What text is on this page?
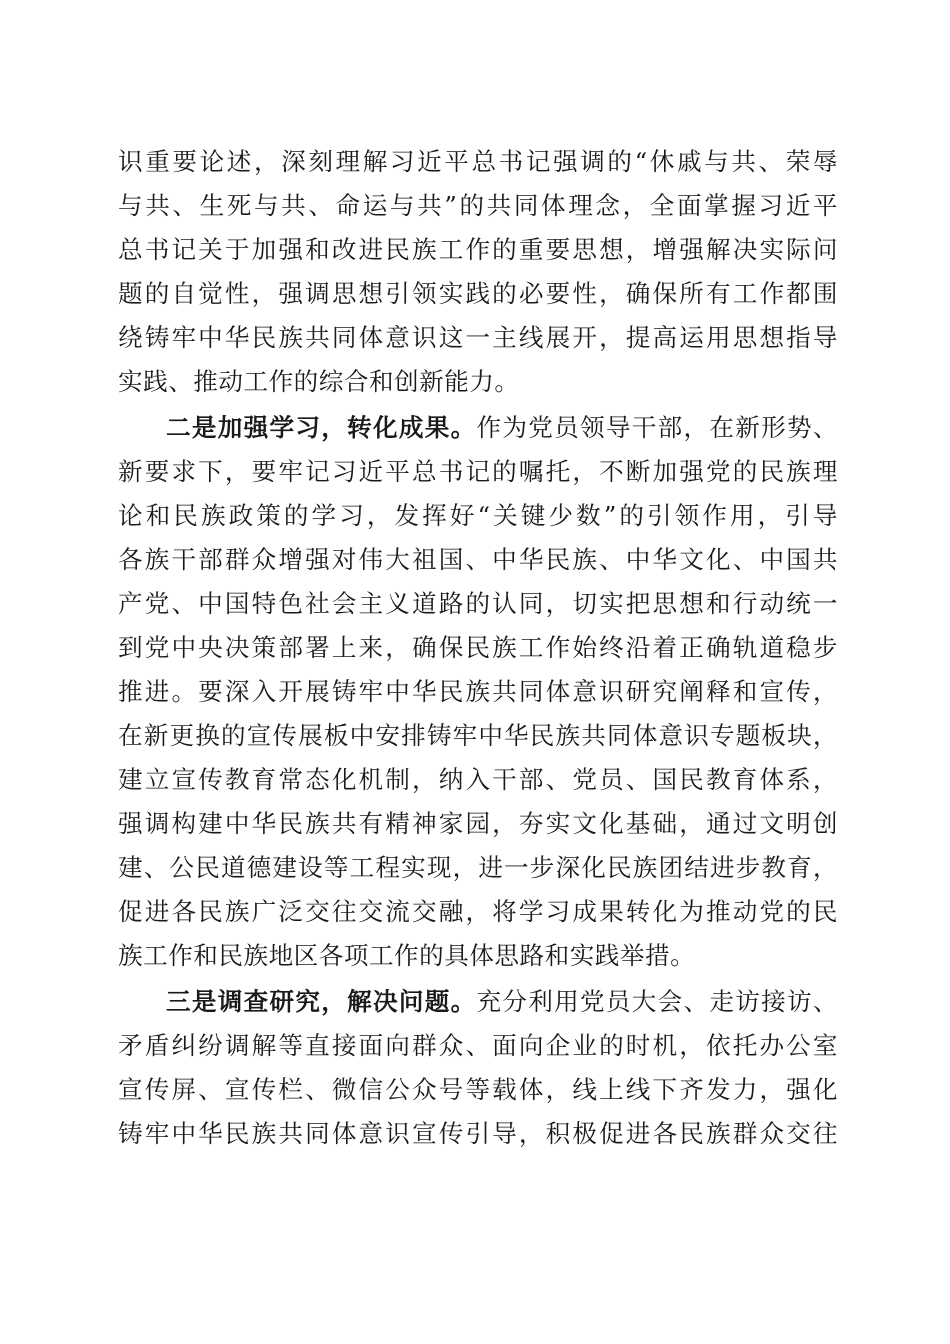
识重要论述，深刻理解习近平总书记强调的“休戚与共、荣辱
与共、生死与共、命运与共”的共同体理念，全面掌握习近平
总书记关于加强和改进民族工作的重要思想，增强解决实际问
题的自觉性，强调思想引领实践的必要性，确保所有工作都围
绕铸牢中华民族共同体意识这一主线展开，提高运用思想指导
实践、推动工作的综合和创新能力。
二是加强学习，转化成果。作为党员领导干部，在新形势、
新要求下，要牢记习近平总书记的嘱托，不断加强党的民族理
论和民族政策的学习，发挥好“关键少数”的引领作用，引导
各族干部群众增强对伟大祖国、中华民族、中华文化、中国共
产党、中国特色社会主义道路的认同，切实把思想和行动统一
到党中央决策部署上来，确保民族工作始终沿着正确轨道稳步
推进。要深入开展铸牢中华民族共同体意识研究阐释和宣传，
在新更换的宣传展板中安排铸牢中华民族共同体意识专题板块，
建立宣传教育常态化机制，纳入干部、党员、国民教育体系，
强调构建中华民族共有精神家园，夯实文化基础，通过文明创
建、公民道德建设等工程实现，进一步深化民族团结进步教育，
促进各民族广泛交往交流交融，将学习成果转化为推动党的民
族工作和民族地区各项工作的具体思路和实践举措。
三是调查研究，解决问题。充分利用党员大会、走访接访、
矛盾纠纷调解等直接面向群众、面向企业的时机，依托办公室
宣传屏、宣传栏、微信公众号等载体，线上线下齐发力，强化
铸牢中华民族共同体意识宣传引导，积极促进各民族群众交往
